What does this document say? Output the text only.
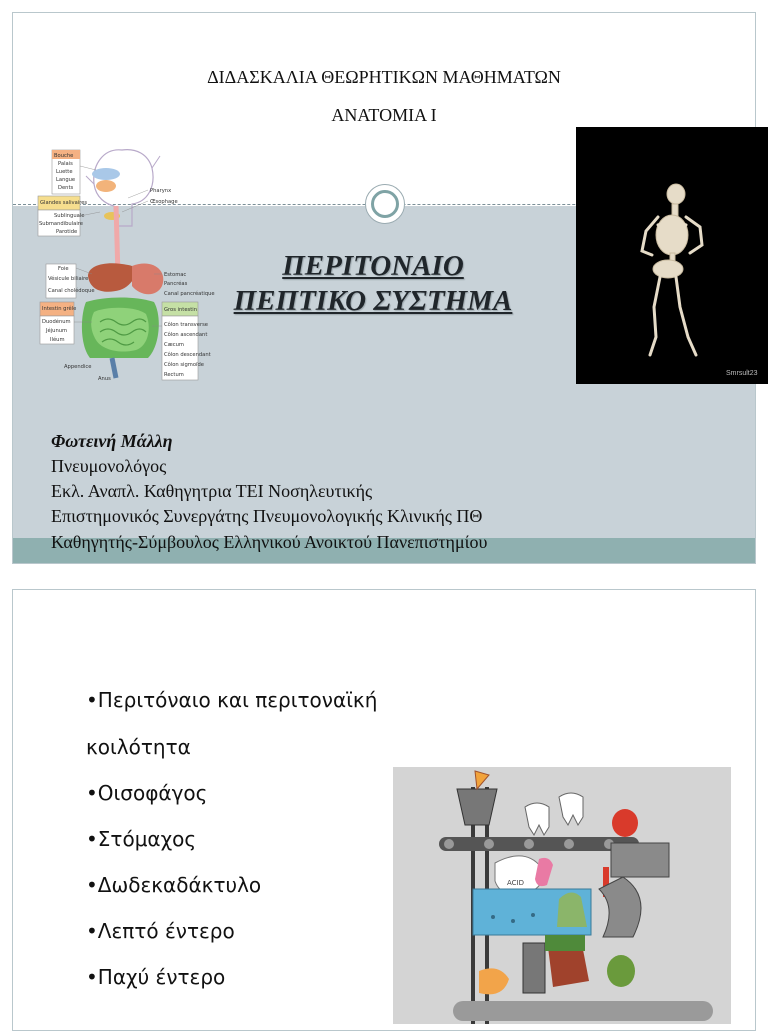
ΔΙΔΑΣΚΑΛΙΑ ΘΕΩΡΗΤΙΚΩΝ ΜΑΘΗΜΑΤΩΝ
ΑΝΑΤΟΜΙΑ Ι
ΠΕΡΙΤΟΝΑΙΟ
ΠΕΠΤΙΚΟ ΣΥΣΤΗΜΑ
Φωτεινή Μάλλη
Πνευμονολόγος
Εκλ. Αναπλ. Καθηγητρια ΤΕΙ Νοσηλευτικής
Επιστημονικός Συνεργάτης Πνευμονολογικής Κλινικής ΠΘ
Καθηγητής-Σύμβουλος Ελληνικού Ανοικτού Πανεπιστημίου
Bouche
Palais
Luette
Langue
Dents
Glandes salivaires
Sublinguale
Submandibulaire
Parotide
Pharynx
Œsophage
Foie
Vésicule biliaire
Canal cholédoque
Intestin grêle
Duodénum
Jéjunum
Iléum
Estomac
Pancréas
Canal pancréatique
Gros intestin
Côlon transverse
Côlon ascendant
Cæcum
Côlon descendant
Côlon sigmoïde
Rectum
Appendice
Anus
Smrsult23
•Περιτόναιο και περιτοναϊκή
κοιλότητα
•Οισοφάγος
•Στόμαχος
•Δωδεκαδάκτυλο
•Λεπτό έντερο
•Παχύ έντερο
ACID
